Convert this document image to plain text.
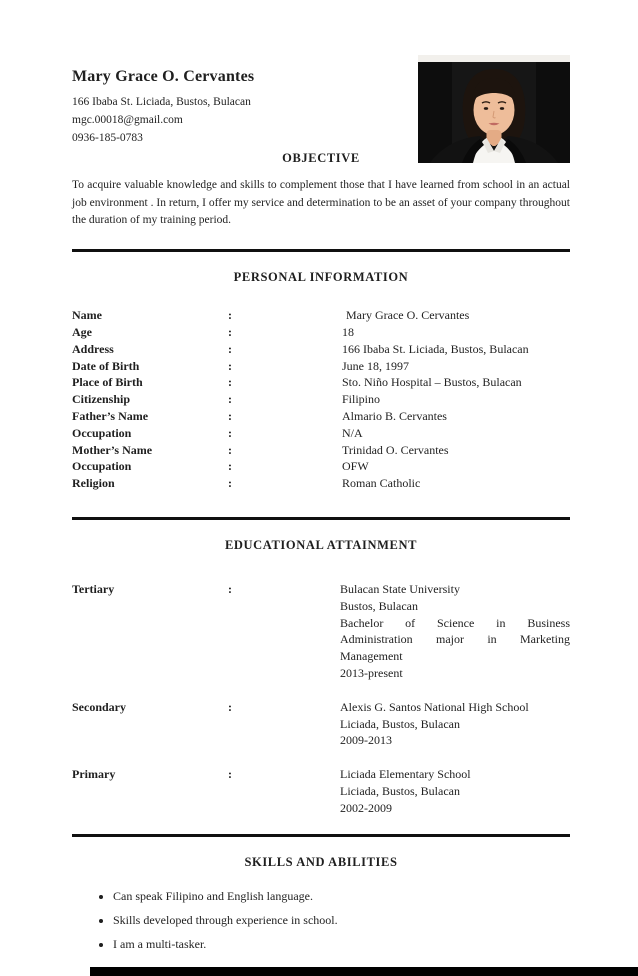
Mary Grace O. Cervantes
166 Ibaba St. Liciada, Bustos, Bulacan
mgc.00018@gmail.com
0936-185-0783
OBJECTIVE

To acquire valuable knowledge and skills to complement those that I have learned from school in an actual job environment . In return, I offer my service and determination to be an asset of your company throughout the duration of my training period.

PERSONAL INFORMATION
Name	:	Mary Grace O. Cervantes
Age	:	18
Address	:	166 Ibaba St. Liciada, Bustos, Bulacan
Date of Birth	:	June 18, 1997
Place of Birth	:	Sto. Niño Hospital – Bustos, Bulacan
Citizenship	:	Filipino
Father’s Name	:	Almario B. Cervantes
Occupation	:	N/A
Mother’s Name	:	Trinidad O. Cervantes
Occupation	:	OFW
Religion	:	Roman Catholic
EDUCATIONAL ATTAINMENT
Tertiary	:	Bulacan State University
Bustos, Bulacan
Bachelor of Science in Business Administration major in Marketing Management
2013-present
Secondary	:	Alexis G. Santos National High School
Liciada, Bustos, Bulacan
2009-2013
Primary	:	Liciada Elementary School
Liciada, Bustos, Bulacan
2002-2009
SKILLS AND ABILITIES
• Can speak Filipino and English language.
• Skills developed through experience in school.
• I am a multi-tasker.
